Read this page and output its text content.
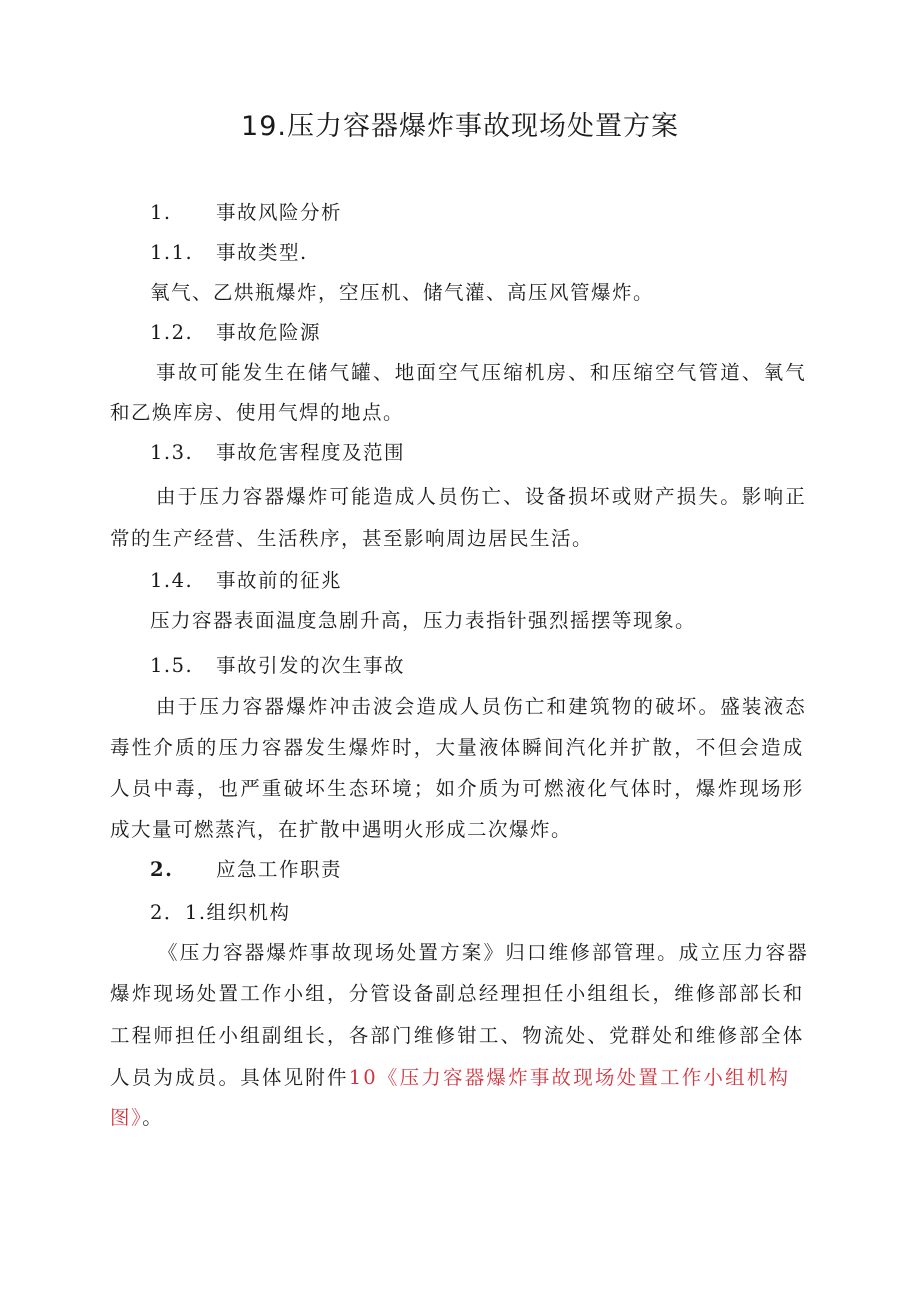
19.压力容器爆炸事故现场处置方案
1. 事故风险分析
1.1. 事故类型.
氧气、乙烘瓶爆炸，空压机、储气灌、高压风管爆炸。
1.2. 事故危险源
事故可能发生在储气罐、地面空气压缩机房、和压缩空气管道、氧气
和乙焕库房、使用气焊的地点。
1.3. 事故危害程度及范围
由于压力容器爆炸可能造成人员伤亡、设备损坏或财产损失。影响正
常的生产经营、生活秩序，甚至影响周边居民生活。
1.4. 事故前的征兆
压力容器表面温度急剧升高，压力表指针强烈摇摆等现象。
1.5. 事故引发的次生事故
由于压力容器爆炸冲击波会造成人员伤亡和建筑物的破坏。盛装液态
毒性介质的压力容器发生爆炸时，大量液体瞬间汽化并扩散，不但会造成
人员中毒，也严重破坏生态环境；如介质为可燃液化气体时，爆炸现场形
成大量可燃蒸汽，在扩散中遇明火形成二次爆炸。
2. 应急工作职责
2．1.组织机构
《压力容器爆炸事故现场处置方案》归口维修部管理。成立压力容器
爆炸现场处置工作小组，分管设备副总经理担任小组组长，维修部部长和
工程师担任小组副组长，各部门维修钳工、物流处、党群处和维修部全体
人员为成员。具体见附件10《压力容器爆炸事故现场处置工作小组机构
图》。
